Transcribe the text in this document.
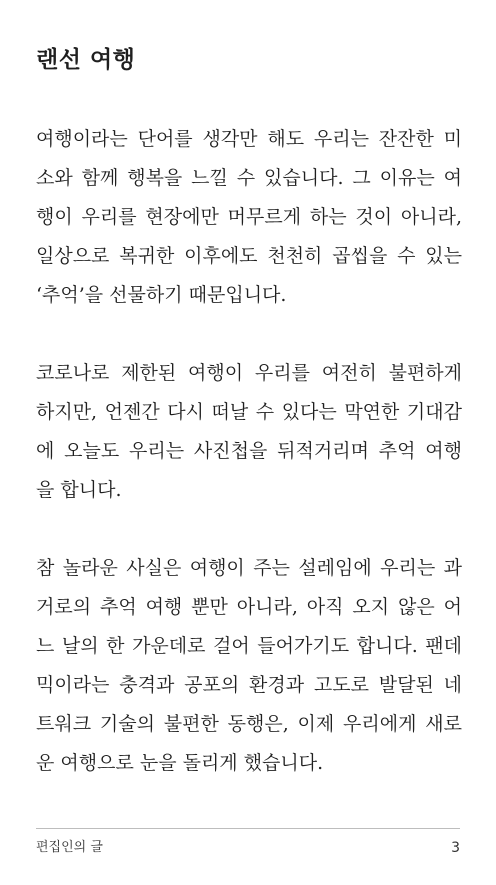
랜선 여행

여행이라는 단어를 생각만 해도 우리는 잔잔한 미
소와 함께 행복을 느낄 수 있습니다. 그 이유는 여
행이 우리를 현장에만 머무르게 하는 것이 아니라,
일상으로 복귀한 이후에도 천천히 곱씹을 수 있는
‘추억’을 선물하기 때문입니다.

코로나로 제한된 여행이 우리를 여전히 불편하게
하지만, 언젠간 다시 떠날 수 있다는 막연한 기대감
에 오늘도 우리는 사진첩을 뒤적거리며 추억 여행
을 합니다.

참 놀라운 사실은 여행이 주는 설레임에 우리는 과
거로의 추억 여행 뿐만 아니라, 아직 오지 않은 어
느 날의 한 가운데로 걸어 들어가기도 합니다. 팬데
믹이라는 충격과 공포의 환경과 고도로 발달된 네
트워크 기술의 불편한 동행은, 이제 우리에게 새로
운 여행으로 눈을 돌리게 했습니다.

편집인의 글	3
